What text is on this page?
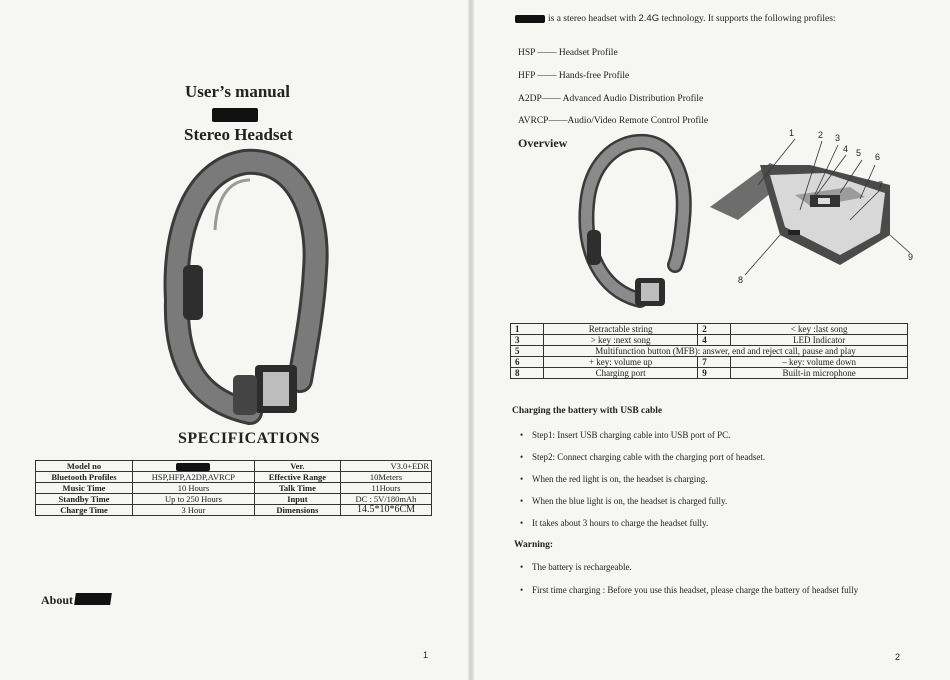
User’s manual
Stereo Headset
SPECIFICATIONS
Model no		Ver.	V3.0+EDR
Bluetooth Profiles	HSP,HFP,A2DP,AVRCP	Effective Range	10Meters
Music Time	10 Hours	Talk Time	11Hours
Standby Time	Up to 250 Hours	Input	DC : 5V/180mAh
Charge Time	3 Hour	Dimensions	14.5*10*6CM
About
1
is a stereo headset with 2.4G technology. It supports the following profiles:
HSP —— Headset Profile
HFP —— Hands-free Profile
A2DP—— Advanced Audio Distribution Profile
AVRCP——Audio/Video Remote Control Profile
Overview
1	2 3
4 5 6
7
8
9
1	Retractable string	2	< key :last song
3	> key :next song	4	LED Indicator
5	Multifunction button (MFB): answer, end and reject call, pause and play		
6	+ key: volume up	7	– key: volume down
8	Charging port	9	Built-in microphone
Charging the battery with USB cable
• Step1: Insert USB charging cable into USB port of PC.
• Step2: Connect charging cable with the charging port of headset.
• When the red light is on, the headset is charging.
• When the blue light is on, the headset is charged fully.
• It takes about 3 hours to charge the headset fully.
Warning:
• The battery is rechargeable.
• First time charging : Before you use this headset, please charge the battery of headset fully
2
